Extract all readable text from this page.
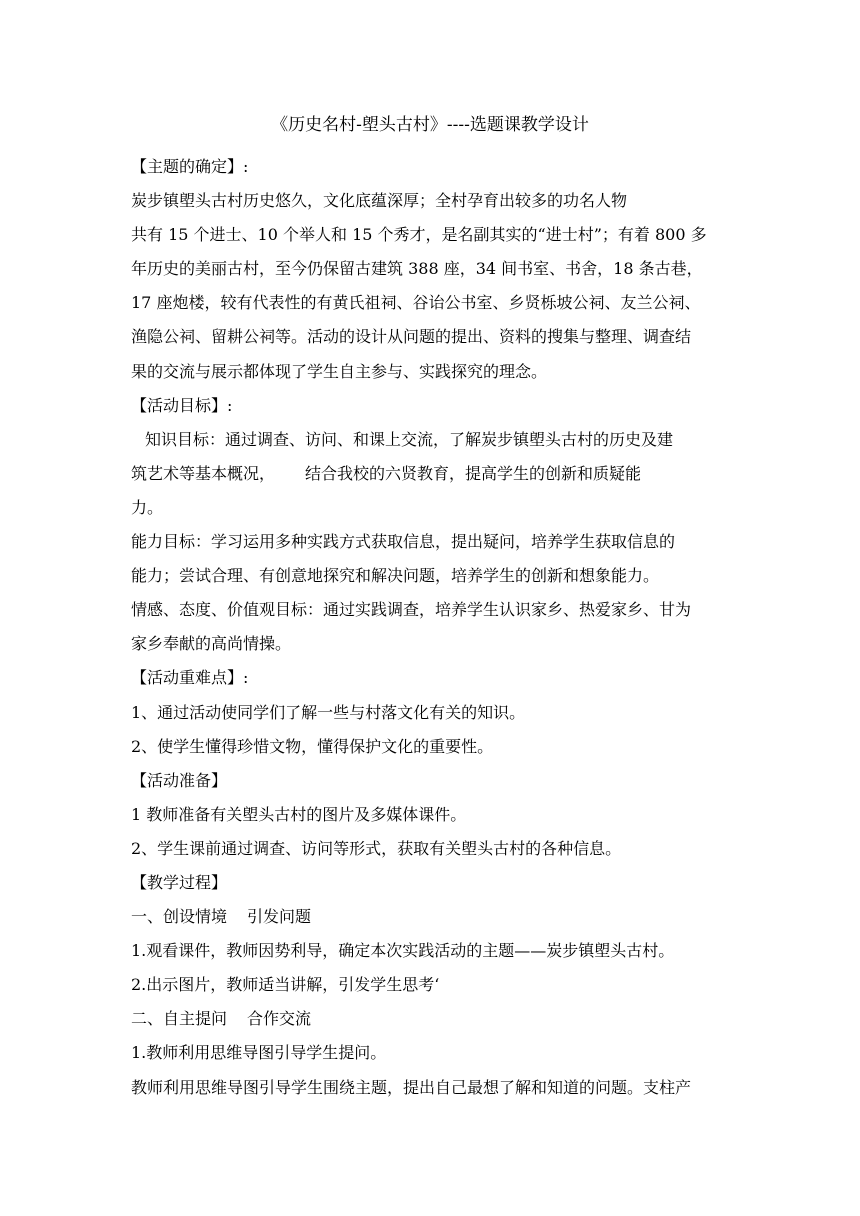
《历史名村-塱头古村》----选题课教学设计
【主题的确定】:
炭步镇塱头古村历史悠久，文化底蕴深厚；全村孕育出较多的功名人物
共有 15 个进士、10 个举人和 15 个秀才，是名副其实的“进士村”；有着 800 多
年历史的美丽古村，至今仍保留古建筑 388 座，34 间书室、书舍，18 条古巷，
17 座炮楼，较有代表性的有黄氏祖祠、谷诒公书室、乡贤栎坡公祠、友兰公祠、
渔隐公祠、留耕公祠等。活动的设计从问题的提出、资料的搜集与整理、调查结
果的交流与展示都体现了学生自主参与、实践探究的理念。
【活动目标】:
知识目标：通过调查、访问、和课上交流，了解炭步镇塱头古村的历史及建
筑艺术等基本概况， 结合我校的六贤教育，提高学生的创新和质疑能
力。
能力目标：学习运用多种实践方式获取信息，提出疑问，培养学生获取信息的
能力；尝试合理、有创意地探究和解决问题，培养学生的创新和想象能力。
情感、态度、价值观目标：通过实践调查，培养学生认识家乡、热爱家乡、甘为
家乡奉献的高尚情操。
【活动重难点】:
1、通过活动使同学们了解一些与村落文化有关的知识。
2、使学生懂得珍惜文物，懂得保护文化的重要性。
【活动准备】
1 教师准备有关塱头古村的图片及多媒体课件。
2、学生课前通过调查、访问等形式，获取有关塱头古村的各种信息。
【教学过程】
一、创设情境 引发问题
1.观看课件，教师因势利导，确定本次实践活动的主题——炭步镇塱头古村。
2.出示图片，教师适当讲解，引发学生思考‘
二、自主提问 合作交流
1.教师利用思维导图引导学生提问。
教师利用思维导图引导学生围绕主题，提出自己最想了解和知道的问题。支柱产
